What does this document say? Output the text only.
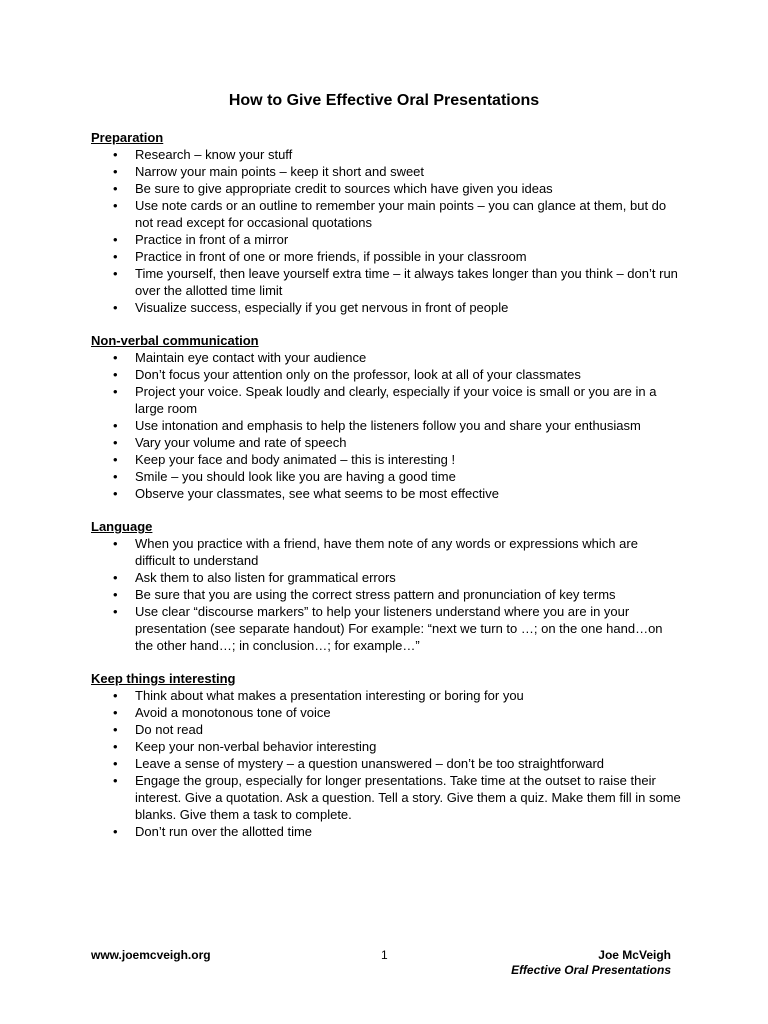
How to Give Effective Oral Presentations
Preparation
• Research – know your stuff
• Narrow your main points – keep it short and sweet
• Be sure to give appropriate credit to sources which have given you ideas
• Use note cards or an outline to remember your main points – you can glance at them, but do not read except for occasional quotations
• Practice in front of a mirror
• Practice in front of one or more friends, if possible in your classroom
• Time yourself, then leave yourself extra time – it always takes longer than you think – don’t run over the allotted time limit
• Visualize success, especially if you get nervous in front of people
Non-verbal communication
• Maintain eye contact with your audience
• Don’t focus your attention only on the professor, look at all of your classmates
• Project your voice. Speak loudly and clearly, especially if your voice is small or you are in a large room
• Use intonation and emphasis to help the listeners follow you and share your enthusiasm
• Vary your volume and rate of speech
• Keep your face and body animated – this is interesting !
• Smile – you should look like you are having a good time
• Observe your classmates, see what seems to be most effective
Language
• When you practice with a friend, have them note of any words or expressions which are difficult to understand
• Ask them to also listen for grammatical errors
• Be sure that you are using the correct stress pattern and pronunciation of key terms
• Use clear “discourse markers” to help your listeners understand where you are in your presentation (see separate handout) For example: “next we turn to …; on the one hand…on the other hand…; in conclusion…; for example…”
Keep things interesting
• Think about what makes a presentation interesting or boring for you
• Avoid a monotonous tone of voice
• Do not read
• Keep your non-verbal behavior interesting
• Leave a sense of mystery – a question unanswered – don’t be too straightforward
• Engage the group, especially for longer presentations. Take time at the outset to raise their interest. Give a quotation. Ask a question. Tell a story. Give them a quiz. Make them fill in some blanks. Give them a task to complete.
• Don’t run over the allotted time
www.joemcveigh.org	1	Joe McVeigh
Effective Oral Presentations
